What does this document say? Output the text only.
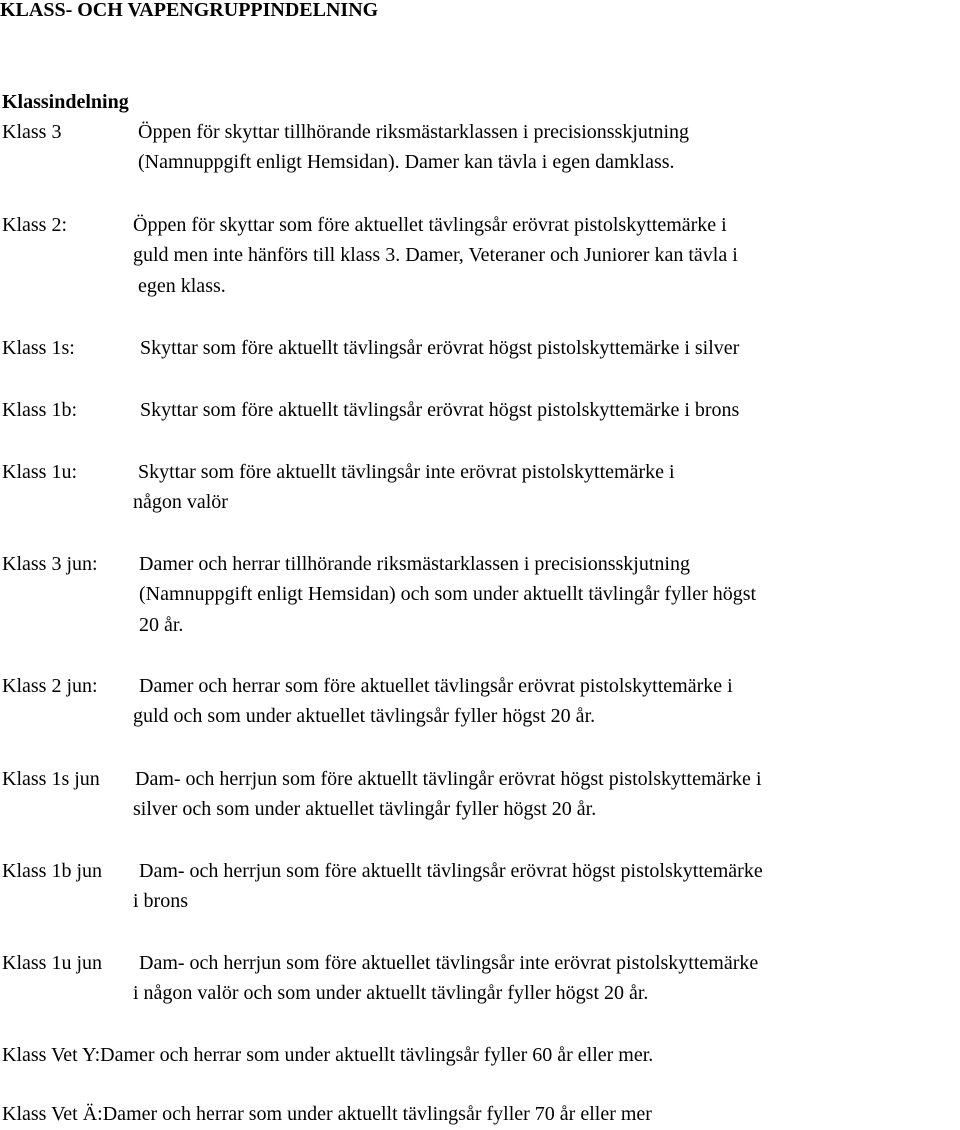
KLASS- OCH VAPENGRUPPINDELNING
Klassindelning
Klass 3	Öppen för skyttar tillhörande riksmästarklassen i precisionsskjutning
(Namnuppgift enligt Hemsidan). Damer kan tävla i egen damklass.
Klass 2:	Öppen för skyttar som före aktuellet tävlingsår erövrat pistolskyttemärke i
guld men inte hänförs till klass 3. Damer, Veteraner och Juniorer kan tävla i
egen klass.
Klass 1s:	Skyttar som före aktuellt tävlingsår erövrat högst pistolskyttemärke i silver
Klass 1b:	Skyttar som före aktuellt tävlingsår erövrat högst pistolskyttemärke i brons
Klass 1u:	Skyttar som före aktuellt tävlingsår inte erövrat pistolskyttemärke i
någon valör
Klass 3 jun: Damer och herrar tillhörande riksmästarklassen i precisionsskjutning
(Namnuppgift enligt Hemsidan) och som under aktuellt tävlingår fyller högst
20 år.
Klass 2 jun: Damer och herrar som före aktuellet tävlingsår erövrat pistolskyttemärke i
guld och som under aktuellet tävlingsår fyller högst 20 år.
Klass 1s jun Dam- och herrjun som före aktuellt tävlingår erövrat högst pistolskyttemärke i
silver och som under aktuellet tävlingår fyller högst 20 år.
Klass 1b jun Dam- och herrjun som före aktuellt tävlingsår erövrat högst pistolskyttemärke
i brons
Klass 1u jun Dam- och herrjun som före aktuellet tävlingsår inte erövrat pistolskyttemärke
i någon valör och som under aktuellt tävlingår fyller högst 20 år.
Klass Vet Y:Damer och herrar som under aktuellt tävlingsår fyller 60 år eller mer.
Klass Vet Ä:Damer och herrar som under aktuellt tävlingsår fyller 70 år eller mer
